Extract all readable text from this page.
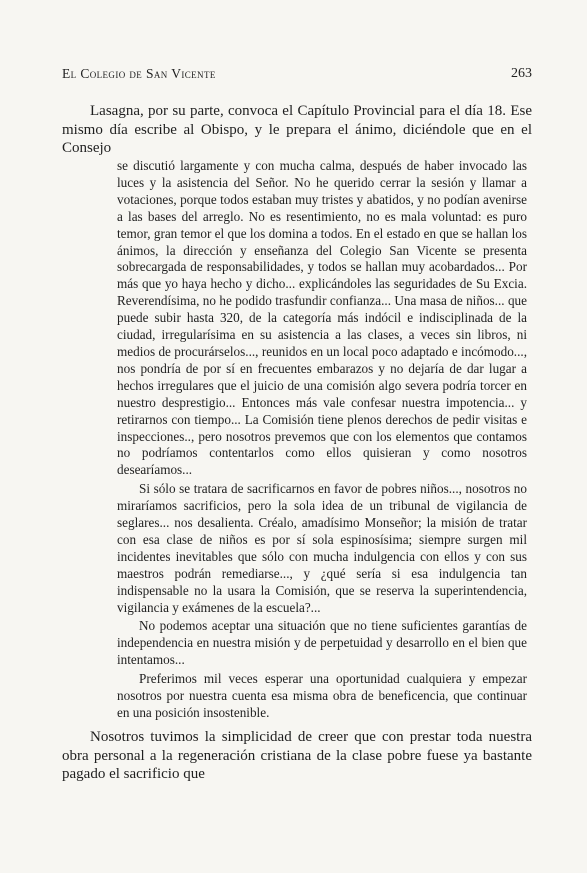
El Colegio de San Vicente	263

Lasagna, por su parte, convoca el Capítulo Provincial para el día 18. Ese mismo día escribe al Obispo, y le prepara el ánimo, diciéndole que en el Consejo

se discutió largamente y con mucha calma, después de haber invocado las luces y la asistencia del Señor. No he querido cerrar la sesión y llamar a votaciones, porque todos estaban muy tristes y abatidos, y no podían avenirse a las bases del arreglo. No es resentimiento, no es mala voluntad: es puro temor, gran temor el que los domina a todos. En el estado en que se hallan los ánimos, la dirección y enseñanza del Colegio San Vicente se presenta sobrecargada de responsabilidades, y todos se hallan muy acobardados... Por más que yo haya hecho y dicho... explicándoles las seguridades de Su Excia. Reverendísima, no he podido trasfundir confianza... Una masa de niños... que puede subir hasta 320, de la categoría más indócil e indisciplinada de la ciudad, irregularísima en su asistencia a las clases, a veces sin libros, ni medios de procurárselos..., reunidos en un local poco adaptado e incómodo..., nos pondría de por sí en frecuentes embarazos y no dejaría de dar lugar a hechos irregulares que el juicio de una comisión algo severa podría torcer en nuestro desprestigio... Entonces más vale confesar nuestra impotencia... y retirarnos con tiempo... La Comisión tiene plenos derechos de pedir visitas e inspecciones.., pero nosotros prevemos que con los elementos que contamos no podríamos contentarlos como ellos quisieran y como nosotros desearíamos...

Si sólo se tratara de sacrificarnos en favor de pobres niños..., nosotros no miraríamos sacrificios, pero la sola idea de un tribunal de vigilancia de seglares... nos desalienta. Créalo, amadísimo Monseñor; la misión de tratar con esa clase de niños es por sí sola espinosísima; siempre surgen mil incidentes inevitables que sólo con mucha indulgencia con ellos y con sus maestros podrán remediarse..., y ¿qué sería si esa indulgencia tan indispensable no la usara la Comisión, que se reserva la superintendencia, vigilancia y exámenes de la escuela?...

No podemos aceptar una situación que no tiene suficientes garantías de independencia en nuestra misión y de perpetuidad y desarrollo en el bien que intentamos...

Preferimos mil veces esperar una oportunidad cualquiera y empezar nosotros por nuestra cuenta esa misma obra de beneficencia, que continuar en una posición insostenible.

Nosotros tuvimos la simplicidad de creer que con prestar toda nuestra obra personal a la regeneración cristiana de la clase pobre fuese ya bastante pagado el sacrificio que
